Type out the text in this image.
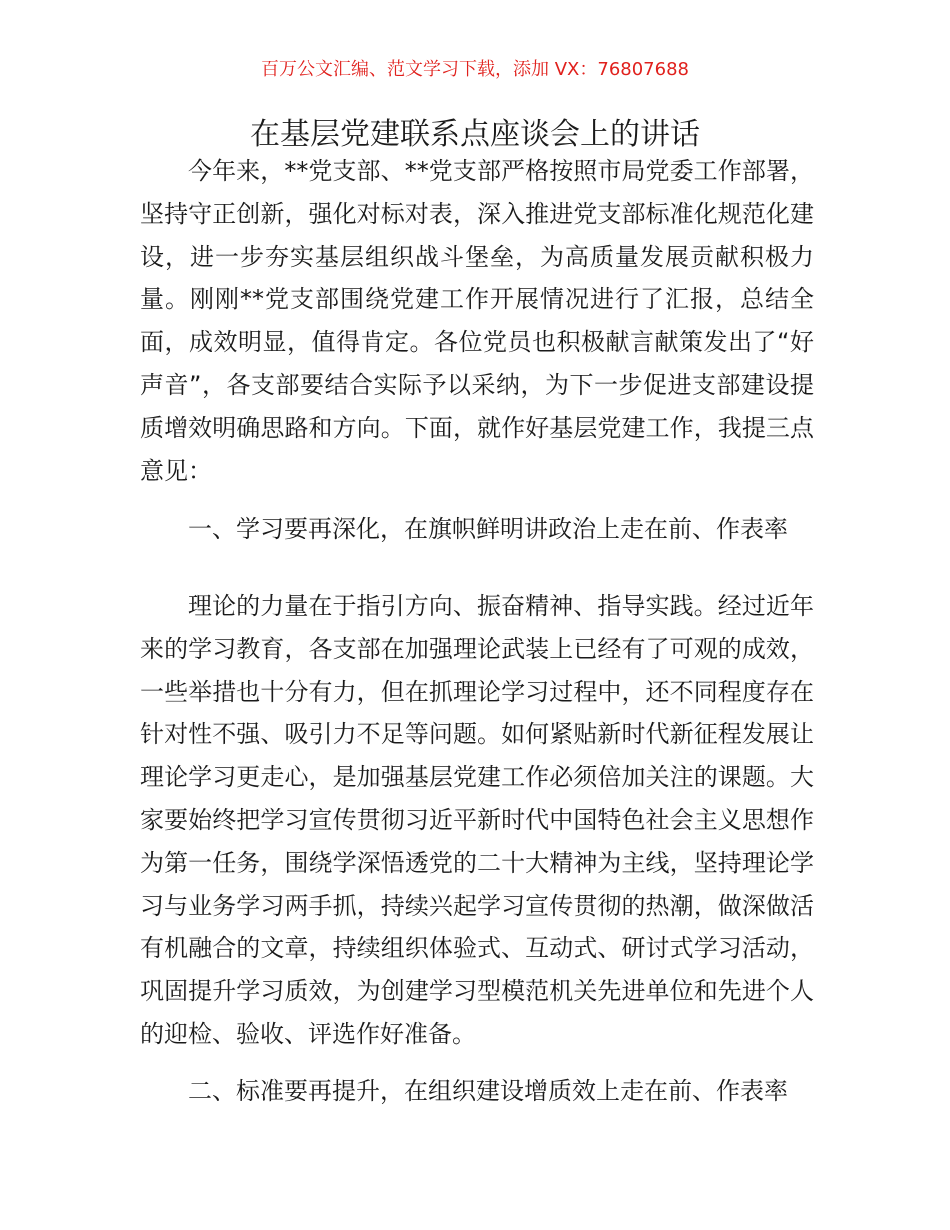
百万公文汇编、范文学习下载，添加 VX：76807688
在基层党建联系点座谈会上的讲话

今年来，**党支部、**党支部严格按照市局党委工作部署，坚持守正创新，强化对标对表，深入推进党支部标准化规范化建设，进一步夯实基层组织战斗堡垒，为高质量发展贡献积极力量。刚刚**党支部围绕党建工作开展情况进行了汇报，总结全面，成效明显，值得肯定。各位党员也积极献言献策发出了“好声音”，各支部要结合实际予以采纳，为下一步促进支部建设提质增效明确思路和方向。下面，就作好基层党建工作，我提三点意见：

一、学习要再深化，在旗帜鲜明讲政治上走在前、作表率

理论的力量在于指引方向、振奋精神、指导实践。经过近年来的学习教育，各支部在加强理论武装上已经有了可观的成效，一些举措也十分有力，但在抓理论学习过程中，还不同程度存在针对性不强、吸引力不足等问题。如何紧贴新时代新征程发展让理论学习更走心，是加强基层党建工作必须倍加关注的课题。大家要始终把学习宣传贯彻习近平新时代中国特色社会主义思想作为第一任务，围绕学深悟透党的二十大精神为主线，坚持理论学习与业务学习两手抓，持续兴起学习宣传贯彻的热潮，做深做活有机融合的文章，持续组织体验式、互动式、研讨式学习活动，巩固提升学习质效，为创建学习型模范机关先进单位和先进个人的迎检、验收、评选作好准备。

二、标准要再提升，在组织建设增质效上走在前、作表率
